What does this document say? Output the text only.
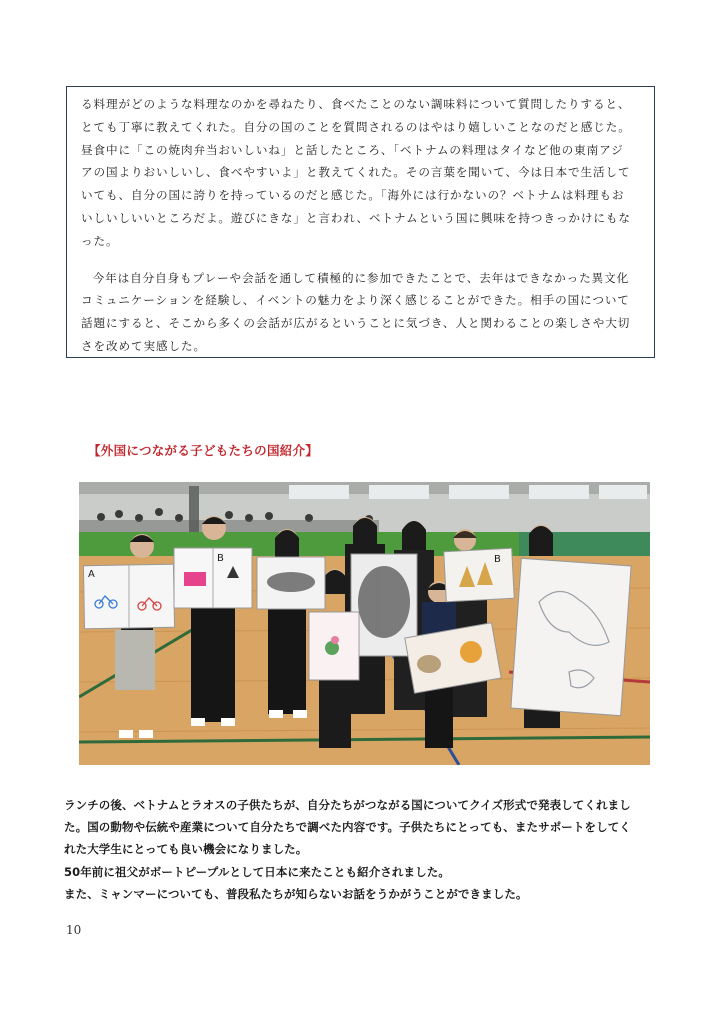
る料理がどのような料理なのかを尋ねたり、食べたことのない調味料について質問したりすると、
とても丁寧に教えてくれた。自分の国のことを質問されるのはやはり嬉しいことなのだと感じた。
昼食中に「この焼肉弁当おいしいね」と話したところ、「ベトナムの料理はタイなど他の東南アジ
アの国よりおいしいし、食べやすいよ」と教えてくれた。その言葉を聞いて、今は日本で生活して
いても、自分の国に誇りを持っているのだと感じた。「海外には行かないの？ベトナムは料理もお
いしいしいいところだよ。遊びにきな」と言われ、ベトナムという国に興味を持つきっかけにもな
った。

今年は自分自身もプレーや会話を通して積極的に参加できたことで、去年はできなかった異文化
コミュニケーションを経験し、イベントの魅力をより深く感じることができた。相手の国について
話題にすると、そこから多くの会話が広がるということに気づき、人と関わることの楽しさや大切
さを改めて実感した。

【外国につながる子どもたちの国紹介】
A
B	B
ランチの後、ベトナムとラオスの子供たちが、自分たちがつながる国についてクイズ形式で発表してくれまし
た。国の動物や伝統や産業について自分たちで調べた内容です。子供たちにとっても、またサポートをしてく
れた大学生にとっても良い機会になりました。
50年前に祖父がボートピープルとして日本に来たことも紹介されました。
また、ミャンマーについても、普段私たちが知らないお話をうかがうことができました。
10
